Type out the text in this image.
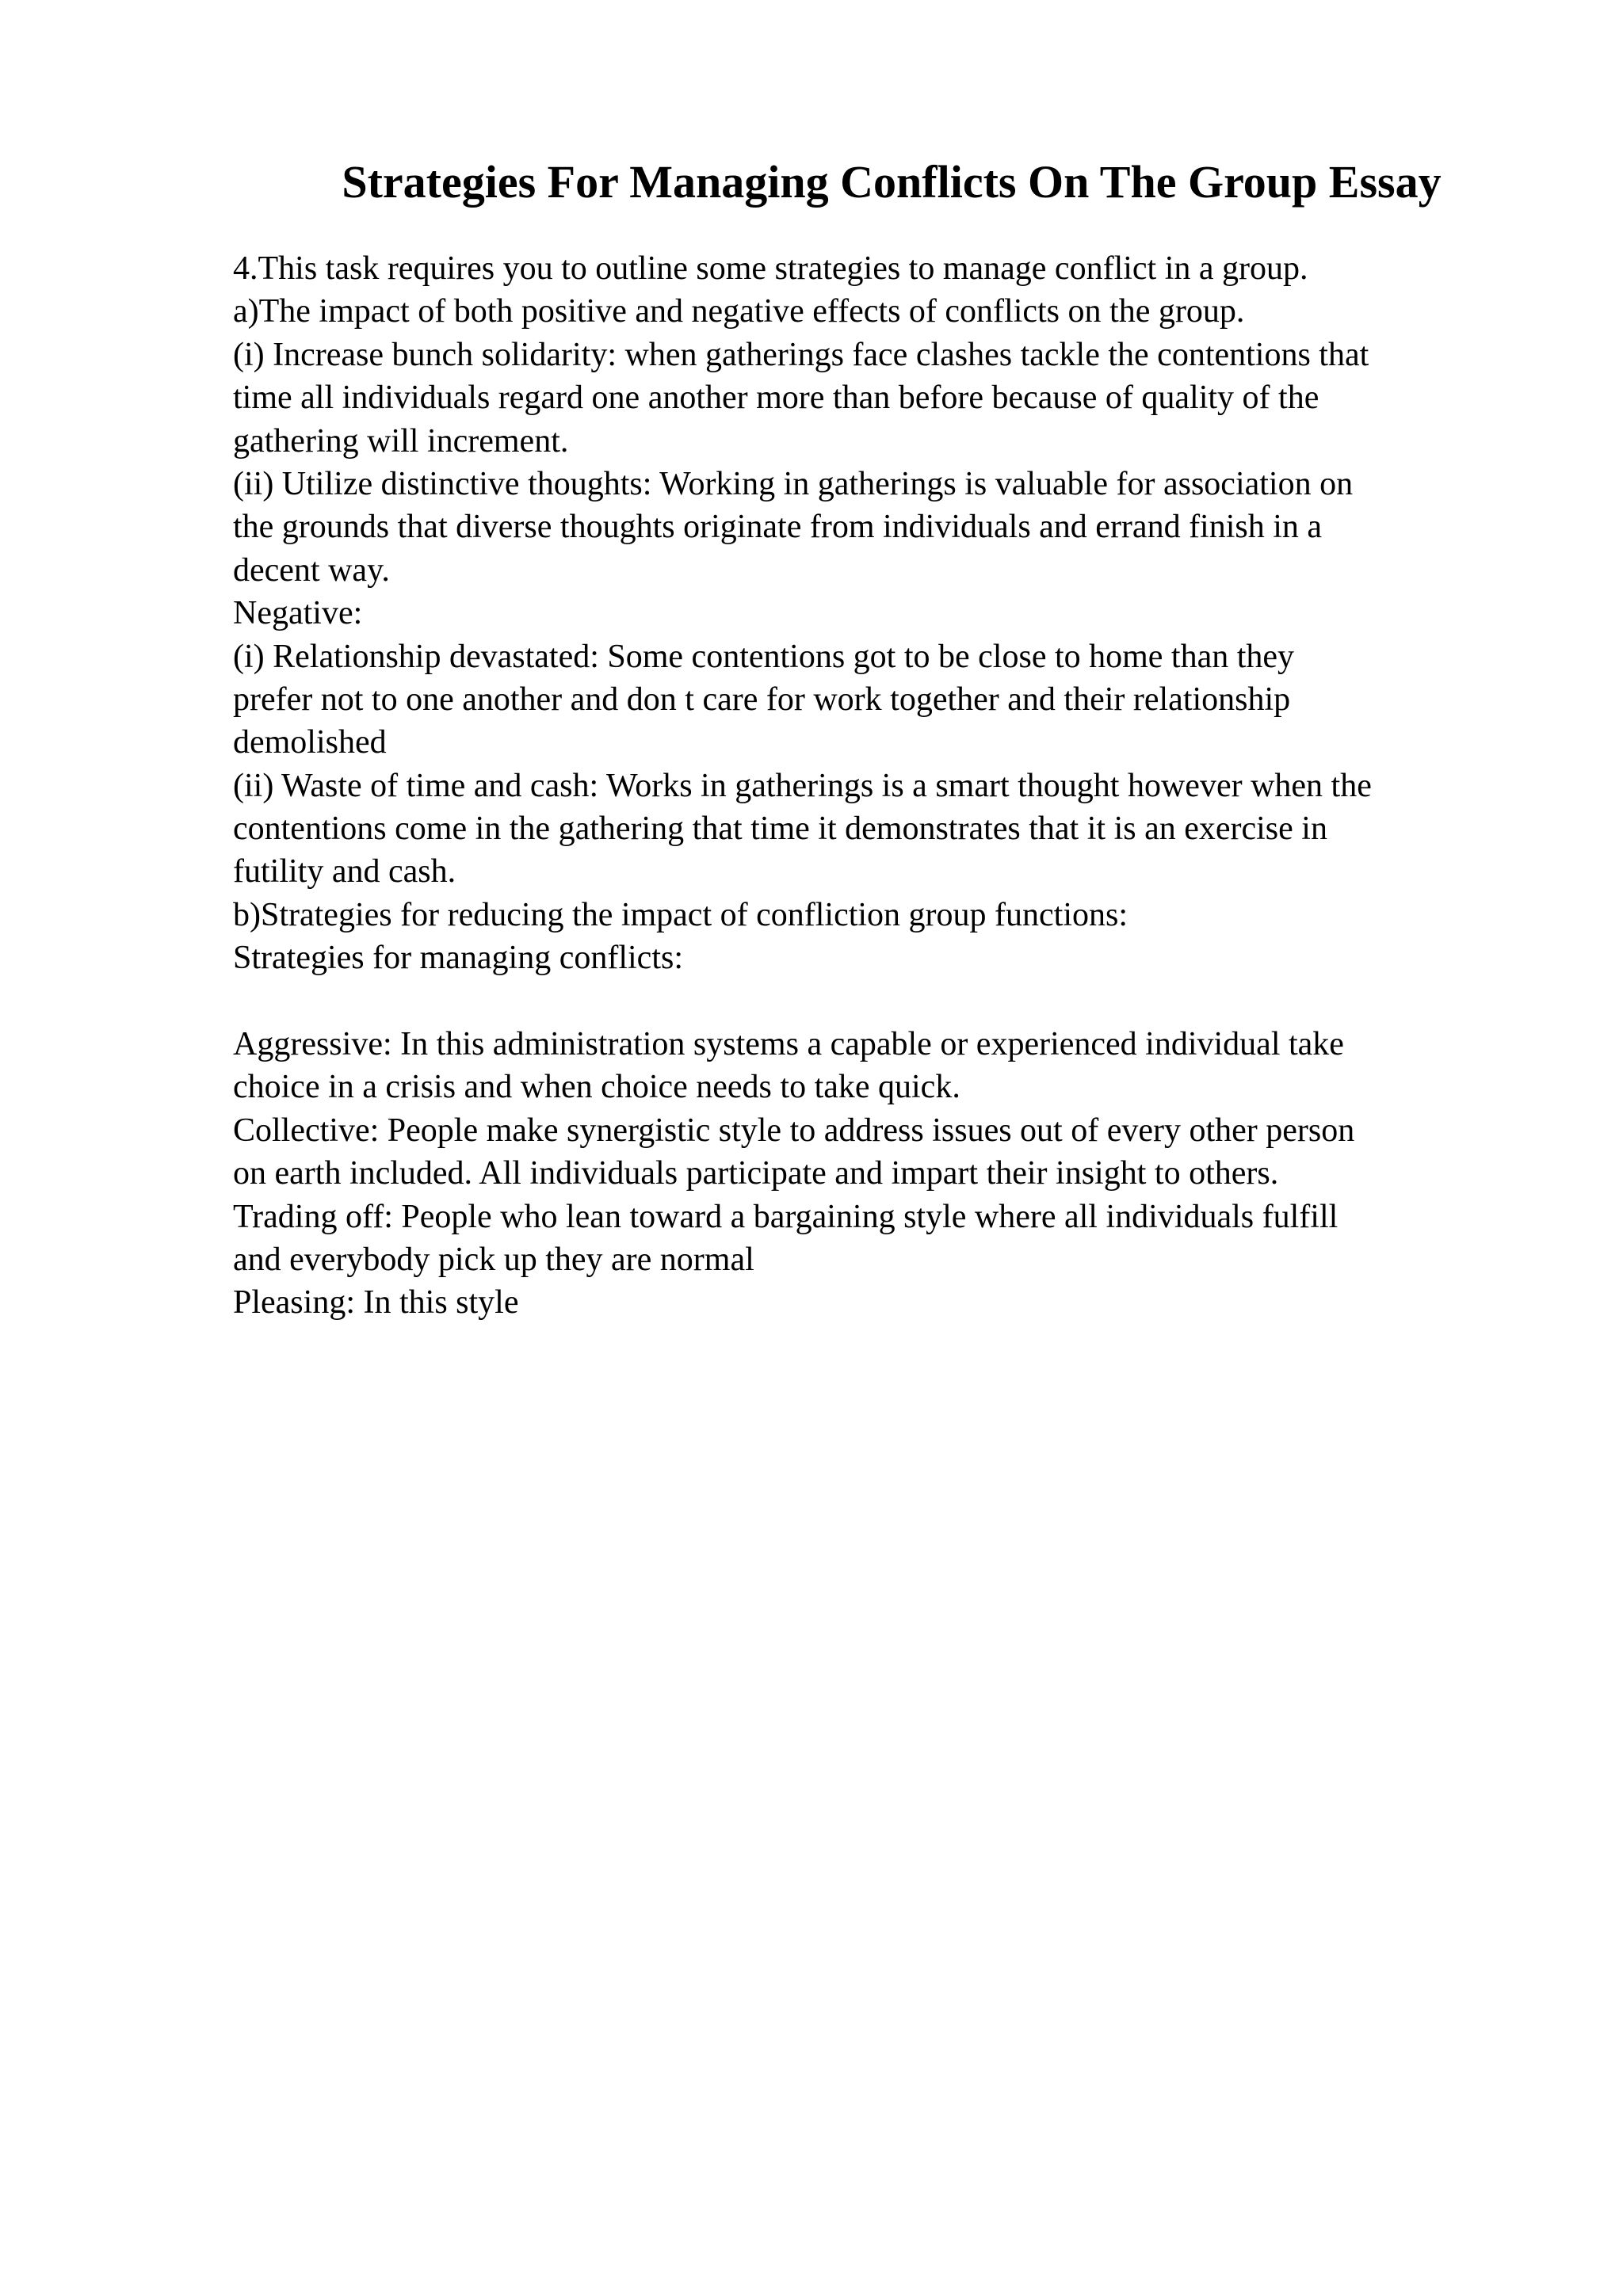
Strategies For Managing Conflicts On The Group Essay
4.This task requires you to outline some strategies to manage conflict in a group.
a)The impact of both positive and negative effects of conflicts on the group.
(i) Increase bunch solidarity: when gatherings face clashes tackle the contentions that
time all individuals regard one another more than before because of quality of the
gathering will increment.
(ii) Utilize distinctive thoughts: Working in gatherings is valuable for association on
the grounds that diverse thoughts originate from individuals and errand finish in a
decent way.
Negative:
(i) Relationship devastated: Some contentions got to be close to home than they
prefer not to one another and don t care for work together and their relationship
demolished
(ii) Waste of time and cash: Works in gatherings is a smart thought however when the
contentions come in the gathering that time it demonstrates that it is an exercise in
futility and cash.
b)Strategies for reducing the impact of confliction group functions:
Strategies for managing conflicts:
Aggressive: In this administration systems a capable or experienced individual take
choice in a crisis and when choice needs to take quick.
Collective: People make synergistic style to address issues out of every other person
on earth included. All individuals participate and impart their insight to others.
Trading off: People who lean toward a bargaining style where all individuals fulfill
and everybody pick up they are normal
Pleasing: In this style
